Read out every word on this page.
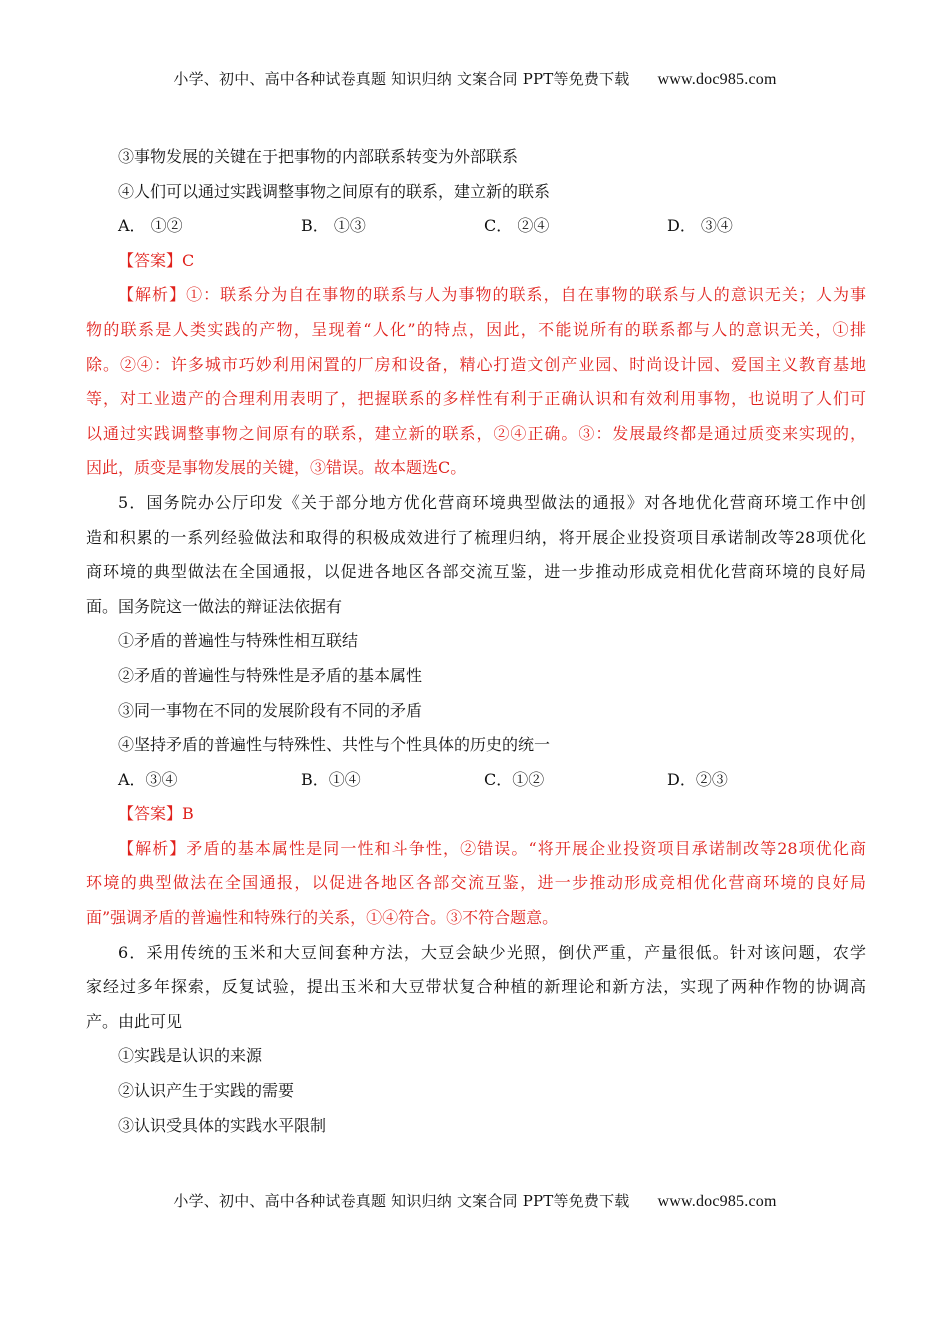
小学、初中、高中各种试卷真题 知识归纳 文案合同 PPT等免费下载 www.doc985.com
③事物发展的关键在于把事物的内部联系转变为外部联系
④人们可以通过实践调整事物之间原有的联系，建立新的联系
A． ①②	B． ①③	C． ②④	D． ③④
【答案】C
【解析】①：联系分为自在事物的联系与人为事物的联系，自在事物的联系与人的意识无关；人为事
物的联系是人类实践的产物，呈现着“人化”的特点，因此，不能说所有的联系都与人的意识无关，①排
除。②④：许多城市巧妙利用闲置的厂房和设备，精心打造文创产业园、时尚设计园、爱国主义教育基地
等，对工业遗产的合理利用表明了，把握联系的多样性有利于正确认识和有效利用事物，也说明了人们可
以通过实践调整事物之间原有的联系，建立新的联系，②④正确。③：发展最终都是通过质变来实现的，
因此，质变是事物发展的关键，③错误。故本题选C。
5．国务院办公厅印发《关于部分地方优化营商环境典型做法的通报》对各地优化营商环境工作中创
造和积累的一系列经验做法和取得的积极成效进行了梳理归纳，将开展企业投资项目承诺制改等28项优化
商环境的典型做法在全国通报，以促进各地区各部交流互鉴，进一步推动形成竞相优化营商环境的良好局
面。国务院这一做法的辩证法依据有
①矛盾的普遍性与特殊性相互联结
②矛盾的普遍性与特殊性是矛盾的基本属性
③同一事物在不同的发展阶段有不同的矛盾
④坚持矛盾的普遍性与特殊性、共性与个性具体的历史的统一
A．③④	B．①④	C．①②	D．②③
【答案】B
【解析】矛盾的基本属性是同一性和斗争性，②错误。“将开展企业投资项目承诺制改等28项优化商
环境的典型做法在全国通报，以促进各地区各部交流互鉴，进一步推动形成竞相优化营商环境的良好局
面”强调矛盾的普遍性和特殊行的关系，①④符合。③不符合题意。
6．采用传统的玉米和大豆间套种方法，大豆会缺少光照，倒伏严重，产量很低。针对该问题，农学
家经过多年探索，反复试验，提出玉米和大豆带状复合种植的新理论和新方法，实现了两种作物的协调高
产。由此可见
①实践是认识的来源
②认识产生于实践的需要
③认识受具体的实践水平限制
小学、初中、高中各种试卷真题 知识归纳 文案合同 PPT等免费下载 www.doc985.com
